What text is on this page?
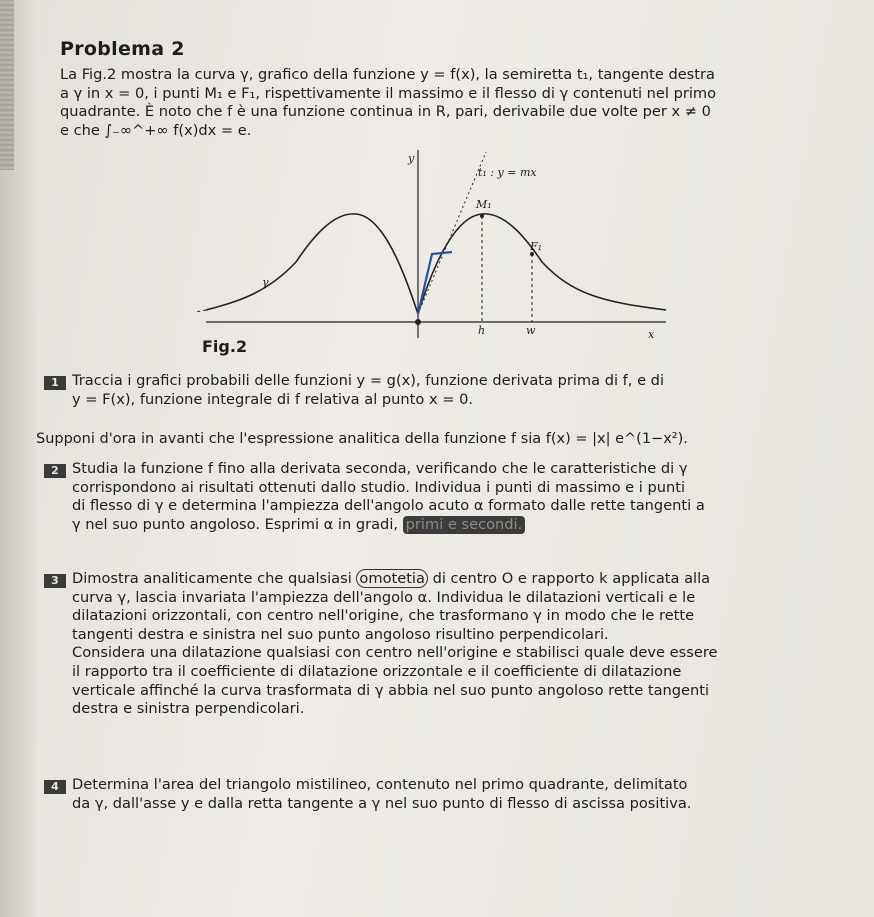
Problema 2
La Fig.2 mostra la curva γ, grafico della funzione y = f(x), la semiretta t₁, tangente destra
a γ in x = 0, i punti M₁ e F₁, rispettivamente il massimo e il flesso di γ contenuti nel primo
quadrante. È noto che f è una funzione continua in R, pari, derivabile due volte per x ≠ 0
e che ∫₋∞^+∞ f(x)dx = e.
y
x
t₁ : y = mx
M₁
F₁
γ
h	w
Fig.2
1 Traccia i grafici probabili delle funzioni y = g(x), funzione derivata prima di f, e di
y = F(x), funzione integrale di f relativa al punto x = 0.
Supponi d'ora in avanti che l'espressione analitica della funzione f sia f(x) = |x| e^(1−x²).
2 Studia la funzione f fino alla derivata seconda, verificando che le caratteristiche di γ
corrispondono ai risultati ottenuti dallo studio. Individua i punti di massimo e i punti
di flesso di γ e determina l'ampiezza dell'angolo acuto α formato dalle rette tangenti a
γ nel suo punto angoloso. Esprimi α in gradi, primi e secondi.
3 Dimostra analiticamente che qualsiasi omotetia di centro O e rapporto k applicata alla
curva γ, lascia invariata l'ampiezza dell'angolo α. Individua le dilatazioni verticali e le
dilatazioni orizzontali, con centro nell'origine, che trasformano γ in modo che le rette
tangenti destra e sinistra nel suo punto angoloso risultino perpendicolari.
Considera una dilatazione qualsiasi con centro nell'origine e stabilisci quale deve essere
il rapporto tra il coefficiente di dilatazione orizzontale e il coefficiente di dilatazione
verticale affinché la curva trasformata di γ abbia nel suo punto angoloso rette tangenti
destra e sinistra perpendicolari.
4 Determina l'area del triangolo mistilineo, contenuto nel primo quadrante, delimitato
da γ, dall'asse y e dalla retta tangente a γ nel suo punto di flesso di ascissa positiva.
